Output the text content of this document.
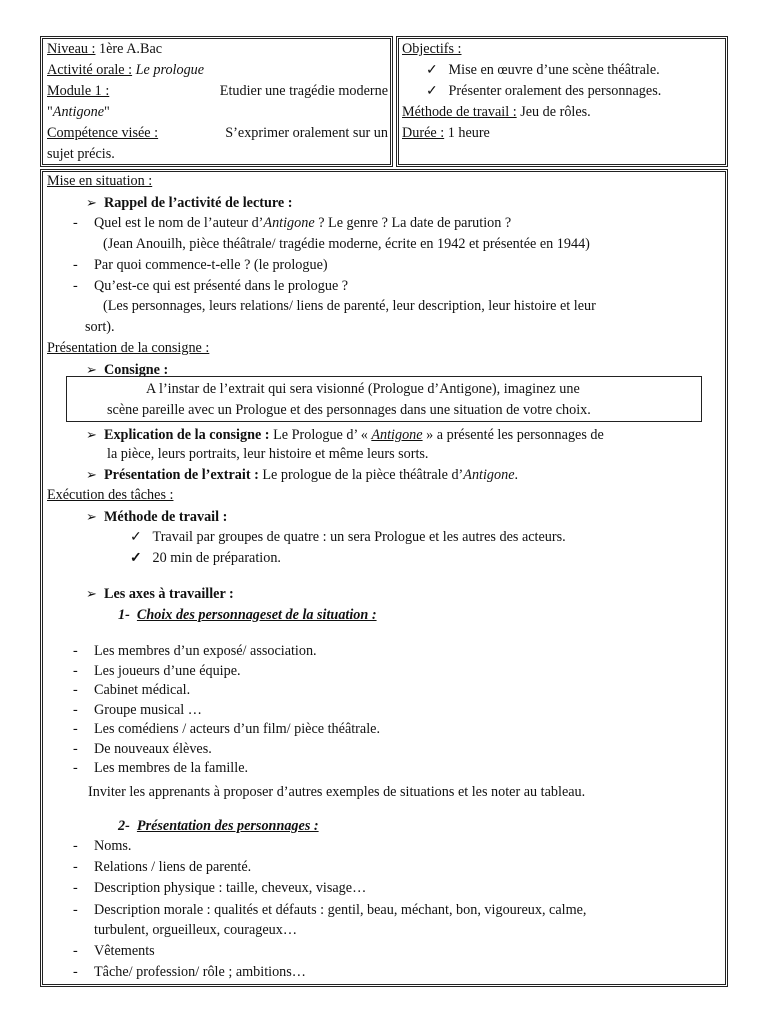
Niveau : 1ère A.Bac
Activité orale : Le prologue
Module 1 :	Etudier une tragédie moderne
"Antigone"
Compétence visée :	S’exprimer oralement sur un
sujet précis.
Objectifs :
✓ Mise en œuvre d’une scène théâtrale.
✓ Présenter oralement des personnages.
Méthode de travail : Jeu de rôles.
Durée : 1 heure
Mise en situation :
➢ Rappel de l’activité de lecture :
- Quel est le nom de l’auteur d’Antigone ? Le genre ? La date de parution ?
(Jean Anouilh, pièce théâtrale/ tragédie moderne, écrite en 1942 et présentée en 1944)
- Par quoi commence-t-elle ? (le prologue)
- Qu’est-ce qui est présenté dans le prologue ?
(Les personnages, leurs relations/ liens de parenté, leur description, leur histoire et leur
sort).
Présentation de la consigne :
➢ Consigne :
A l’instar de l’extrait qui sera visionné (Prologue d’Antigone), imaginez une
scène pareille avec un Prologue et des personnages dans une situation de votre choix.
➢ Explication de la consigne : Le Prologue d’ « Antigone » a présenté les personnages de
la pièce, leurs portraits, leur histoire et même leurs sorts.
➢ Présentation de l’extrait : Le prologue de la pièce théâtrale d’Antigone.
Exécution des tâches :
➢ Méthode de travail :
✓ Travail par groupes de quatre : un sera Prologue et les autres des acteurs.
✓ 20 min de préparation.
➢ Les axes à travailler :
1- Choix des personnageset de la situation :
- Les membres d’un exposé/ association.
- Les joueurs d’une équipe.
- Cabinet médical.
- Groupe musical …
- Les comédiens / acteurs d’un film/ pièce théâtrale.
- De nouveaux élèves.
- Les membres de la famille.
Inviter les apprenants à proposer d’autres exemples de situations et les noter au tableau.
2- Présentation des personnages :
- Noms.
- Relations / liens de parenté.
- Description physique : taille, cheveux, visage…
- Description morale : qualités et défauts : gentil, beau, méchant, bon, vigoureux, calme,
turbulent, orgueilleux, courageux…
- Vêtements
- Tâche/ profession/ rôle ; ambitions…
